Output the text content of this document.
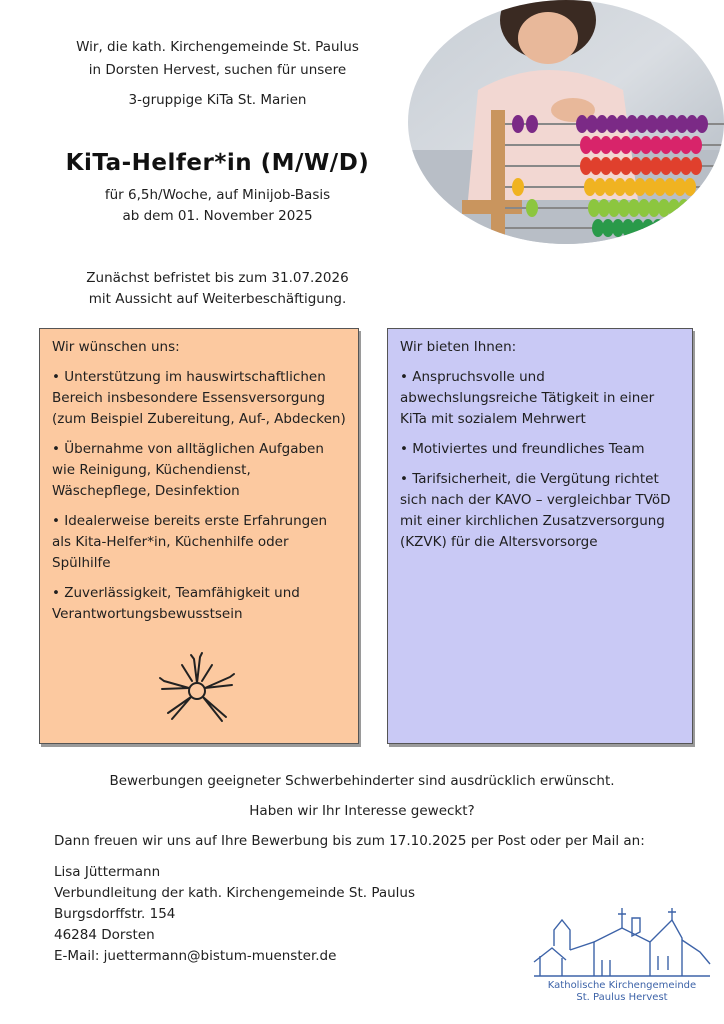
Wir, die kath. Kirchengemeinde St. Paulus
in Dorsten Hervest, suchen für unsere
3-gruppige KiTa St. Marien
KiTa-Helfer*in (M/W/D)
für 6,5h/Woche, auf Minijob-Basis
ab dem 01. November 2025
Zunächst befristet bis zum 31.07.2026
mit Aussicht auf Weiterbeschäftigung.

Wir wünschen uns:

• Unterstützung im hauswirtschaftlichen Bereich insbesondere Essensversorgung (zum Beispiel Zubereitung, Auf-, Abdecken)

• Übernahme von alltäglichen Aufgaben wie Reinigung, Küchendienst, Wäschepflege, Desinfektion

• Idealerweise bereits erste Erfahrungen als Kita-Helfer*in, Küchenhilfe oder Spülhilfe

• Zuverlässigkeit, Teamfähigkeit und Verantwortungsbewusstsein

Wir bieten Ihnen:

• Anspruchsvolle und abwechslungsreiche Tätigkeit in einer KiTa mit sozialem Mehrwert

• Motiviertes und freundliches Team

• Tarifsicherheit, die Vergütung richtet sich nach der KAVO – vergleichbar TVöD mit einer kirchlichen Zusatzversorgung (KZVK) für die Altersvorsorge

Bewerbungen geeigneter Schwerbehinderter sind ausdrücklich erwünscht.
Haben wir Ihr Interesse geweckt?
Dann freuen wir uns auf Ihre Bewerbung bis zum 17.10.2025 per Post oder per Mail an:
Lisa Jüttermann
Verbundleitung der kath. Kirchengemeinde St. Paulus
Burgsdorffstr. 154
46284 Dorsten
E-Mail: juettermann@bistum-muenster.de
Katholische Kirchengemeinde
St. Paulus Hervest
